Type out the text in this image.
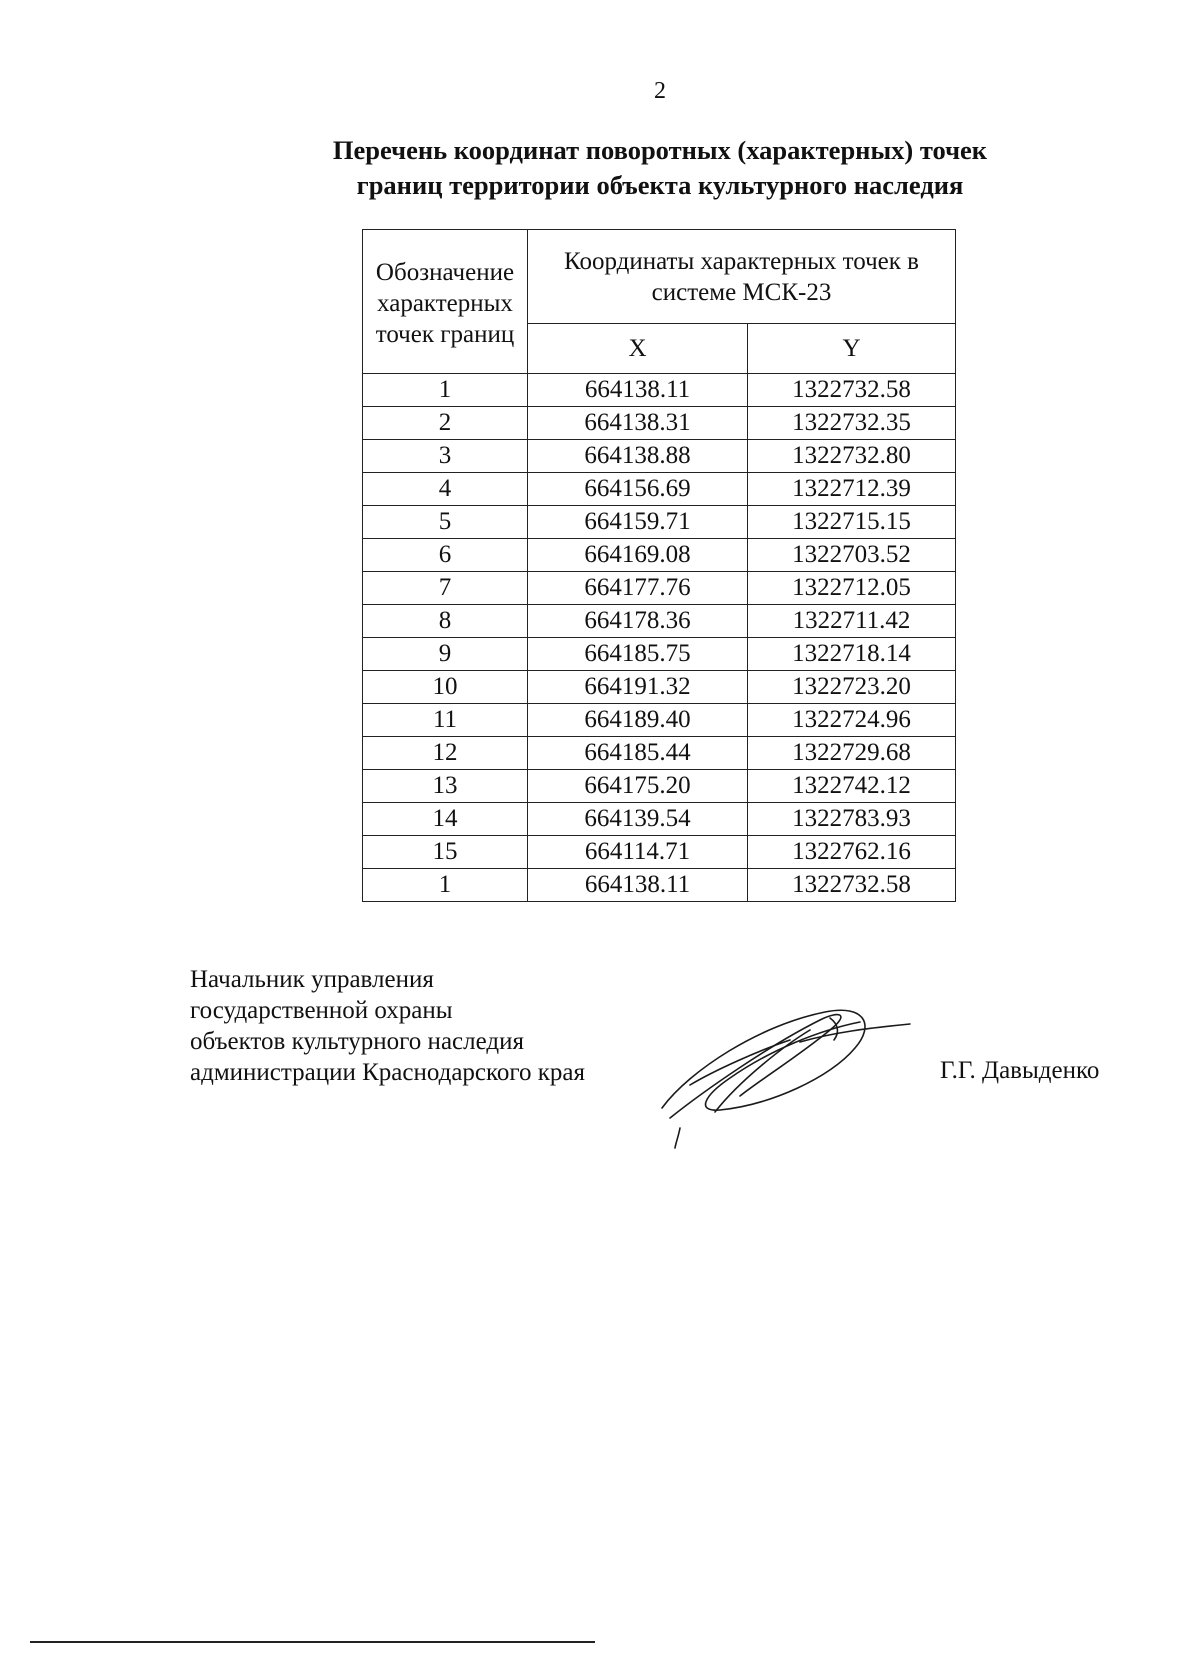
2
Перечень координат поворотных (характерных) точек
границ территории объекта культурного наследия
Обозначение
характерных
точек границ	Координаты характерных точек в
системе МСК-23	

	X	Y
1	664138.11	1322732.58
2	664138.31	1322732.35
3	664138.88	1322732.80
4	664156.69	1322712.39
5	664159.71	1322715.15
6	664169.08	1322703.52
7	664177.76	1322712.05
8	664178.36	1322711.42
9	664185.75	1322718.14
10	664191.32	1322723.20
11	664189.40	1322724.96
12	664185.44	1322729.68
13	664175.20	1322742.12
14	664139.54	1322783.93
15	664114.71	1322762.16
1	664138.11	1322732.58
Начальник управления
государственной охраны
объектов культурного наследия
администрации Краснодарского края	Г.Г. Давыденко
